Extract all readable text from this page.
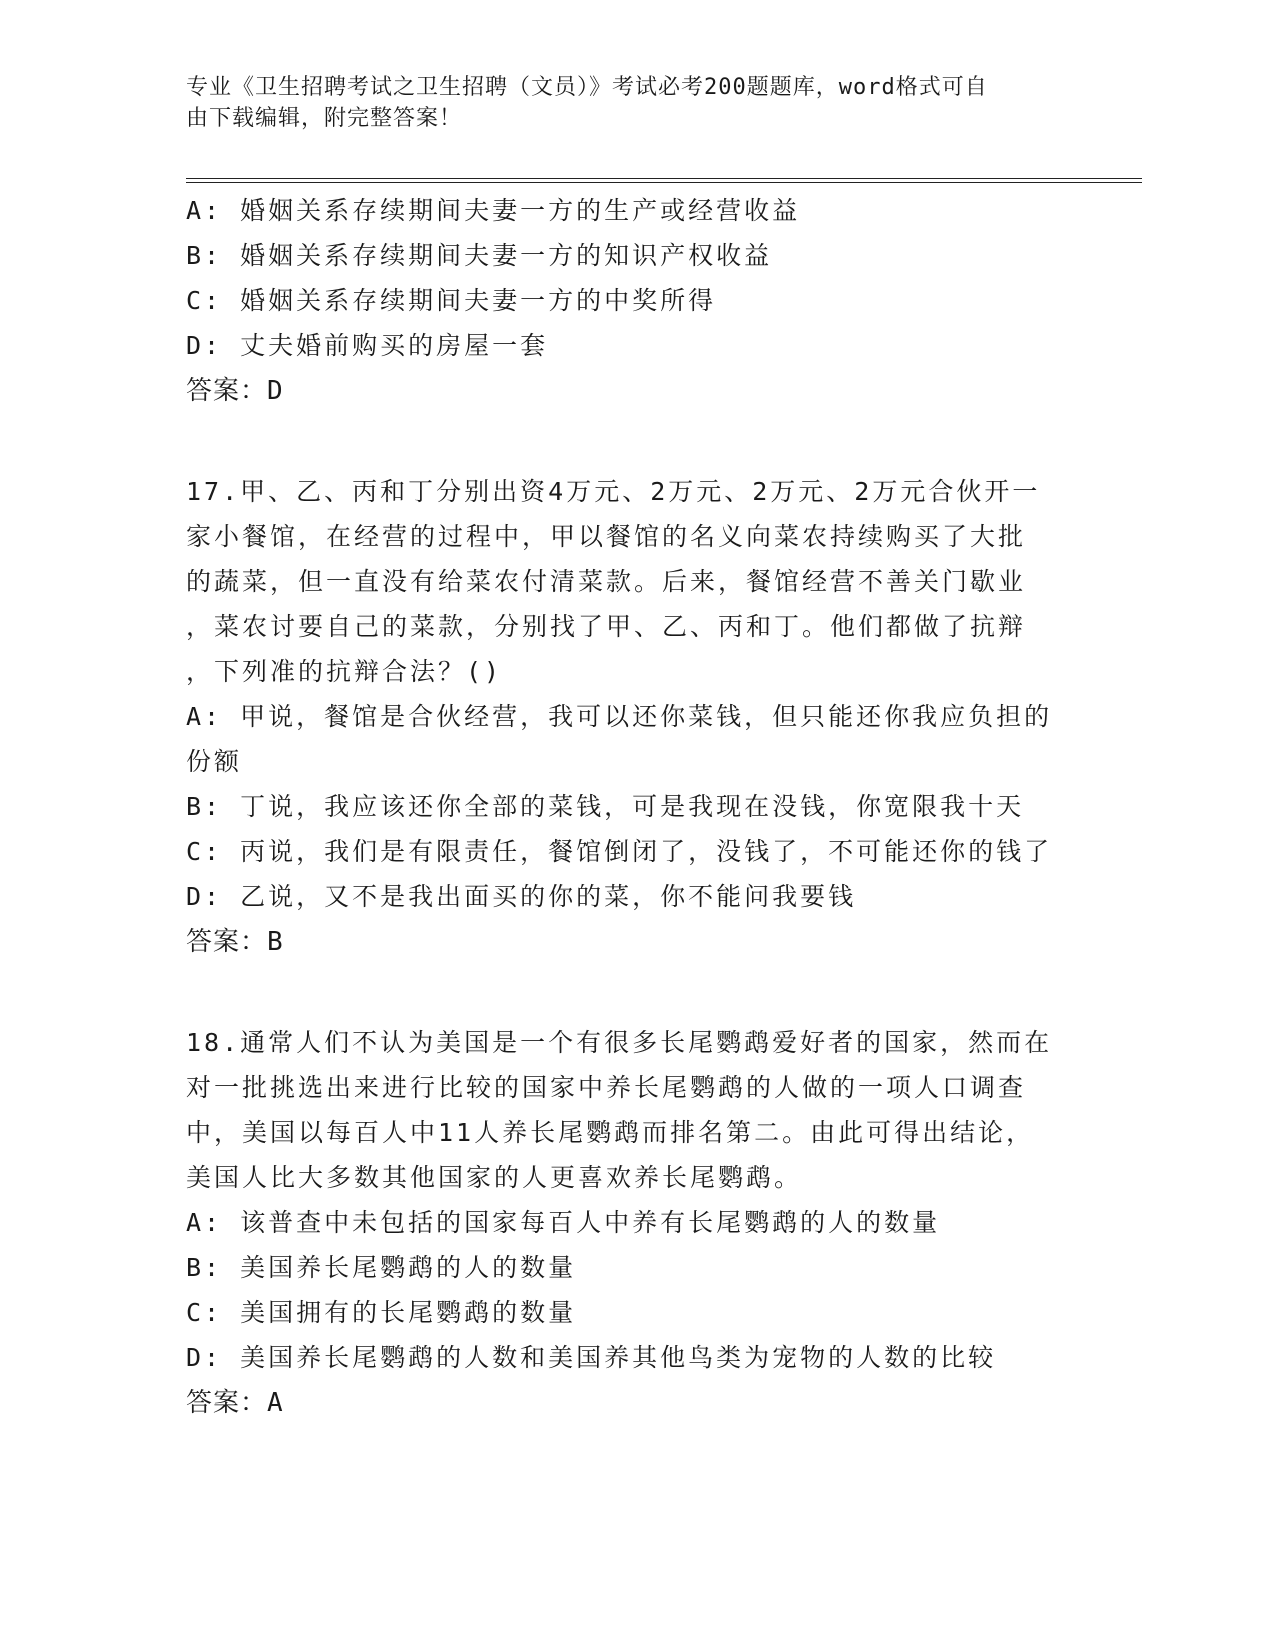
专业《卫生招聘考试之卫生招聘（文员）》考试必考200题题库，word格式可自
由下载编辑，附完整答案！
A: 婚姻关系存续期间夫妻一方的生产或经营收益
B: 婚姻关系存续期间夫妻一方的知识产权收益
C: 婚姻关系存续期间夫妻一方的中奖所得
D: 丈夫婚前购买的房屋一套
答案：D
17.甲、乙、丙和丁分别出资4万元、2万元、2万元、2万元合伙开一
家小餐馆，在经营的过程中，甲以餐馆的名义向菜农持续购买了大批
的蔬菜，但一直没有给菜农付清菜款。后来，餐馆经营不善关门歇业
，菜农讨要自己的菜款，分别找了甲、乙、丙和丁。他们都做了抗辩
，下列准的抗辩合法？()
A: 甲说，餐馆是合伙经营，我可以还你菜钱，但只能还你我应负担的
份额
B: 丁说，我应该还你全部的菜钱，可是我现在没钱，你宽限我十天
C: 丙说，我们是有限责任，餐馆倒闭了，没钱了，不可能还你的钱了
D: 乙说，又不是我出面买的你的菜，你不能问我要钱
答案：B
18.通常人们不认为美国是一个有很多长尾鹦鹉爱好者的国家，然而在
对一批挑选出来进行比较的国家中养长尾鹦鹉的人做的一项人口调查
中，美国以每百人中11人养长尾鹦鹉而排名第二。由此可得出结论，
美国人比大多数其他国家的人更喜欢养长尾鹦鹉。
A: 该普查中未包括的国家每百人中养有长尾鹦鹉的人的数量
B: 美国养长尾鹦鹉的人的数量
C: 美国拥有的长尾鹦鹉的数量
D: 美国养长尾鹦鹉的人数和美国养其他鸟类为宠物的人数的比较
答案：A
